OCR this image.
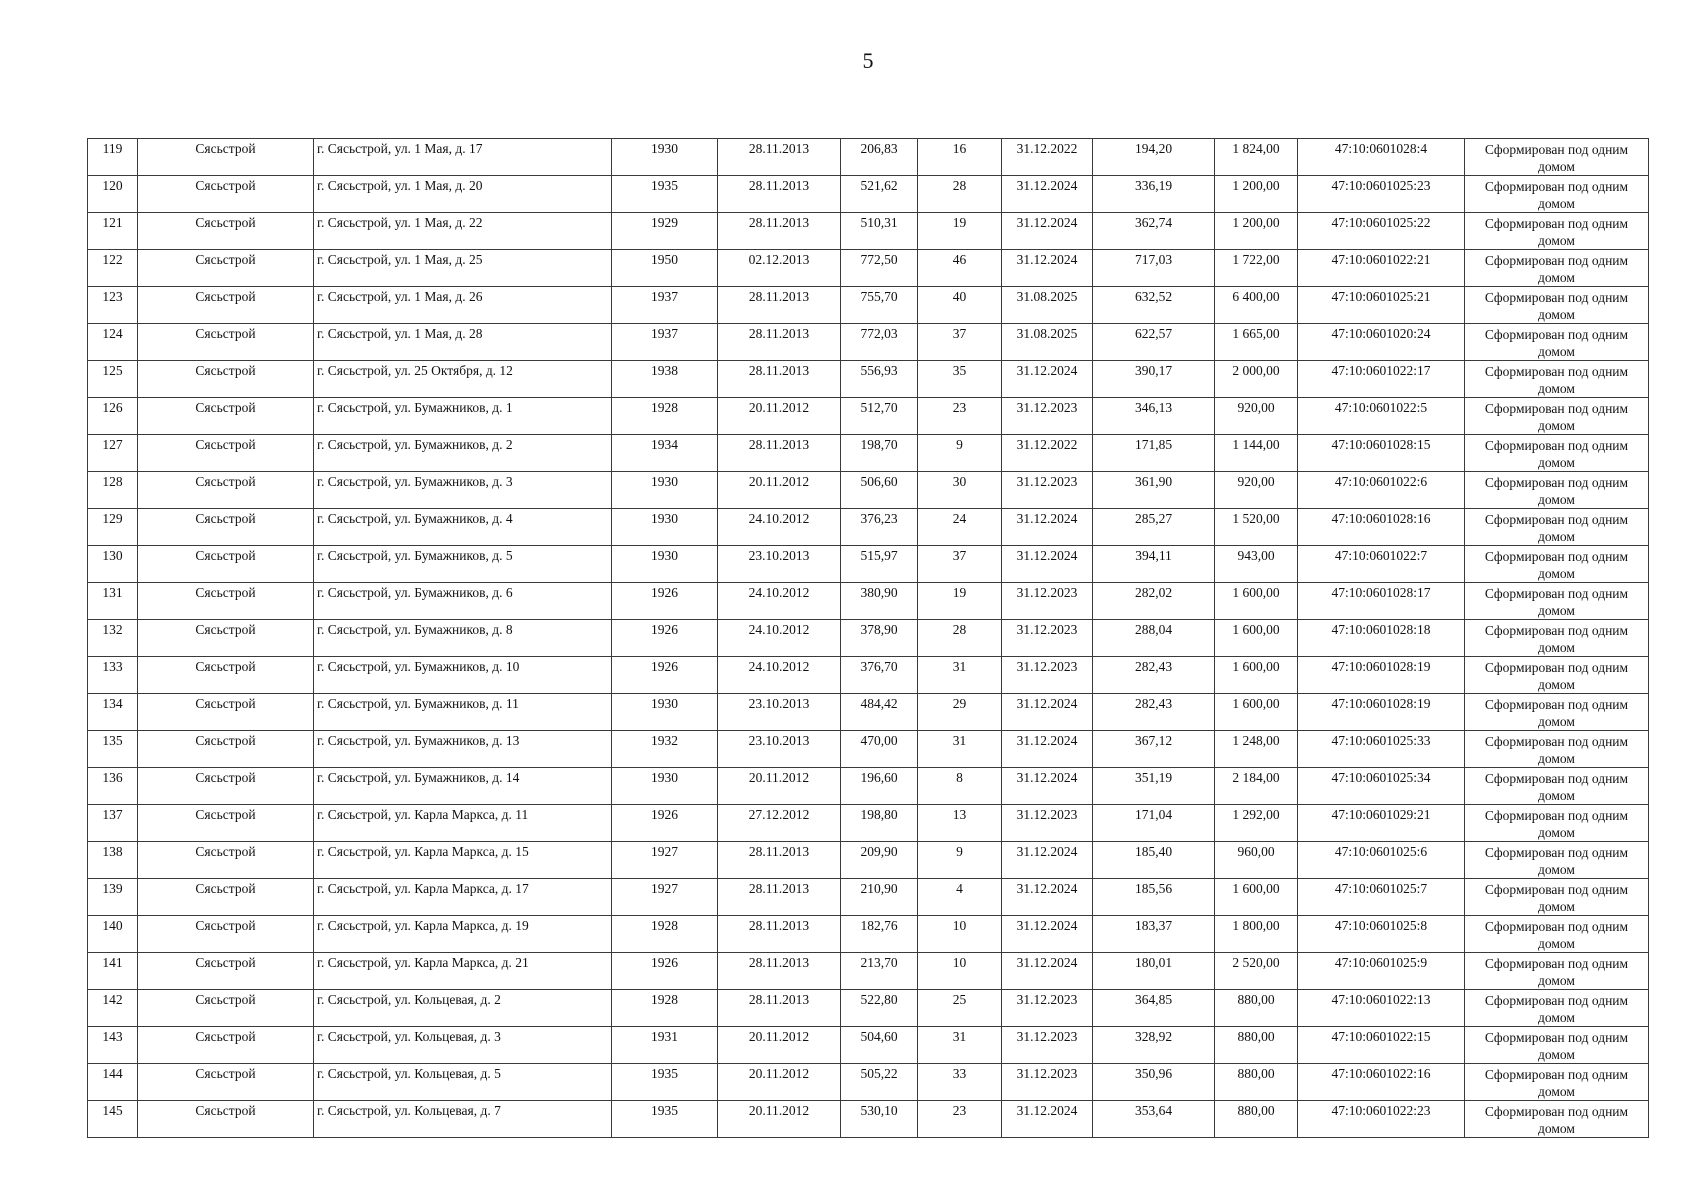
5
119	Сясьстрой	г. Сясьстрой, ул. 1 Мая, д. 17	1930	28.11.2013	206,83	16	31.12.2022	194,20	1 824,00	47:10:0601028:4	Сформирован под одним домом
120	Сясьстрой	г. Сясьстрой, ул. 1 Мая, д. 20	1935	28.11.2013	521,62	28	31.12.2024	336,19	1 200,00	47:10:0601025:23	Сформирован под одним домом
121	Сясьстрой	г. Сясьстрой, ул. 1 Мая, д. 22	1929	28.11.2013	510,31	19	31.12.2024	362,74	1 200,00	47:10:0601025:22	Сформирован под одним домом
122	Сясьстрой	г. Сясьстрой, ул. 1 Мая, д. 25	1950	02.12.2013	772,50	46	31.12.2024	717,03	1 722,00	47:10:0601022:21	Сформирован под одним домом
123	Сясьстрой	г. Сясьстрой, ул. 1 Мая, д. 26	1937	28.11.2013	755,70	40	31.08.2025	632,52	6 400,00	47:10:0601025:21	Сформирован под одним домом
124	Сясьстрой	г. Сясьстрой, ул. 1 Мая, д. 28	1937	28.11.2013	772,03	37	31.08.2025	622,57	1 665,00	47:10:0601020:24	Сформирован под одним домом
125	Сясьстрой	г. Сясьстрой, ул. 25 Октября, д. 12	1938	28.11.2013	556,93	35	31.12.2024	390,17	2 000,00	47:10:0601022:17	Сформирован под одним домом
126	Сясьстрой	г. Сясьстрой, ул. Бумажников, д. 1	1928	20.11.2012	512,70	23	31.12.2023	346,13	920,00	47:10:0601022:5	Сформирован под одним домом
127	Сясьстрой	г. Сясьстрой, ул. Бумажников, д. 2	1934	28.11.2013	198,70	9	31.12.2022	171,85	1 144,00	47:10:0601028:15	Сформирован под одним домом
128	Сясьстрой	г. Сясьстрой, ул. Бумажников, д. 3	1930	20.11.2012	506,60	30	31.12.2023	361,90	920,00	47:10:0601022:6	Сформирован под одним домом
129	Сясьстрой	г. Сясьстрой, ул. Бумажников, д. 4	1930	24.10.2012	376,23	24	31.12.2024	285,27	1 520,00	47:10:0601028:16	Сформирован под одним домом
130	Сясьстрой	г. Сясьстрой, ул. Бумажников, д. 5	1930	23.10.2013	515,97	37	31.12.2024	394,11	943,00	47:10:0601022:7	Сформирован под одним домом
131	Сясьстрой	г. Сясьстрой, ул. Бумажников, д. 6	1926	24.10.2012	380,90	19	31.12.2023	282,02	1 600,00	47:10:0601028:17	Сформирован под одним домом
132	Сясьстрой	г. Сясьстрой, ул. Бумажников, д. 8	1926	24.10.2012	378,90	28	31.12.2023	288,04	1 600,00	47:10:0601028:18	Сформирован под одним домом
133	Сясьстрой	г. Сясьстрой, ул. Бумажников, д. 10	1926	24.10.2012	376,70	31	31.12.2023	282,43	1 600,00	47:10:0601028:19	Сформирован под одним домом
134	Сясьстрой	г. Сясьстрой, ул. Бумажников, д. 11	1930	23.10.2013	484,42	29	31.12.2024	282,43	1 600,00	47:10:0601028:19	Сформирован под одним домом
135	Сясьстрой	г. Сясьстрой, ул. Бумажников, д. 13	1932	23.10.2013	470,00	31	31.12.2024	367,12	1 248,00	47:10:0601025:33	Сформирован под одним домом
136	Сясьстрой	г. Сясьстрой, ул. Бумажников, д. 14	1930	20.11.2012	196,60	8	31.12.2024	351,19	2 184,00	47:10:0601025:34	Сформирован под одним домом
137	Сясьстрой	г. Сясьстрой, ул. Карла Маркса, д. 11	1926	27.12.2012	198,80	13	31.12.2023	171,04	1 292,00	47:10:0601029:21	Сформирован под одним домом
138	Сясьстрой	г. Сясьстрой, ул. Карла Маркса, д. 15	1927	28.11.2013	209,90	9	31.12.2024	185,40	960,00	47:10:0601025:6	Сформирован под одним домом
139	Сясьстрой	г. Сясьстрой, ул. Карла Маркса, д. 17	1927	28.11.2013	210,90	4	31.12.2024	185,56	1 600,00	47:10:0601025:7	Сформирован под одним домом
140	Сясьстрой	г. Сясьстрой, ул. Карла Маркса, д. 19	1928	28.11.2013	182,76	10	31.12.2024	183,37	1 800,00	47:10:0601025:8	Сформирован под одним домом
141	Сясьстрой	г. Сясьстрой, ул. Карла Маркса, д. 21	1926	28.11.2013	213,70	10	31.12.2024	180,01	2 520,00	47:10:0601025:9	Сформирован под одним домом
142	Сясьстрой	г. Сясьстрой, ул. Кольцевая, д. 2	1928	28.11.2013	522,80	25	31.12.2023	364,85	880,00	47:10:0601022:13	Сформирован под одним домом
143	Сясьстрой	г. Сясьстрой, ул. Кольцевая, д. 3	1931	20.11.2012	504,60	31	31.12.2023	328,92	880,00	47:10:0601022:15	Сформирован под одним домом
144	Сясьстрой	г. Сясьстрой, ул. Кольцевая, д. 5	1935	20.11.2012	505,22	33	31.12.2023	350,96	880,00	47:10:0601022:16	Сформирован под одним домом
145	Сясьстрой	г. Сясьстрой, ул. Кольцевая, д. 7	1935	20.11.2012	530,10	23	31.12.2024	353,64	880,00	47:10:0601022:23	Сформирован под одним домом
